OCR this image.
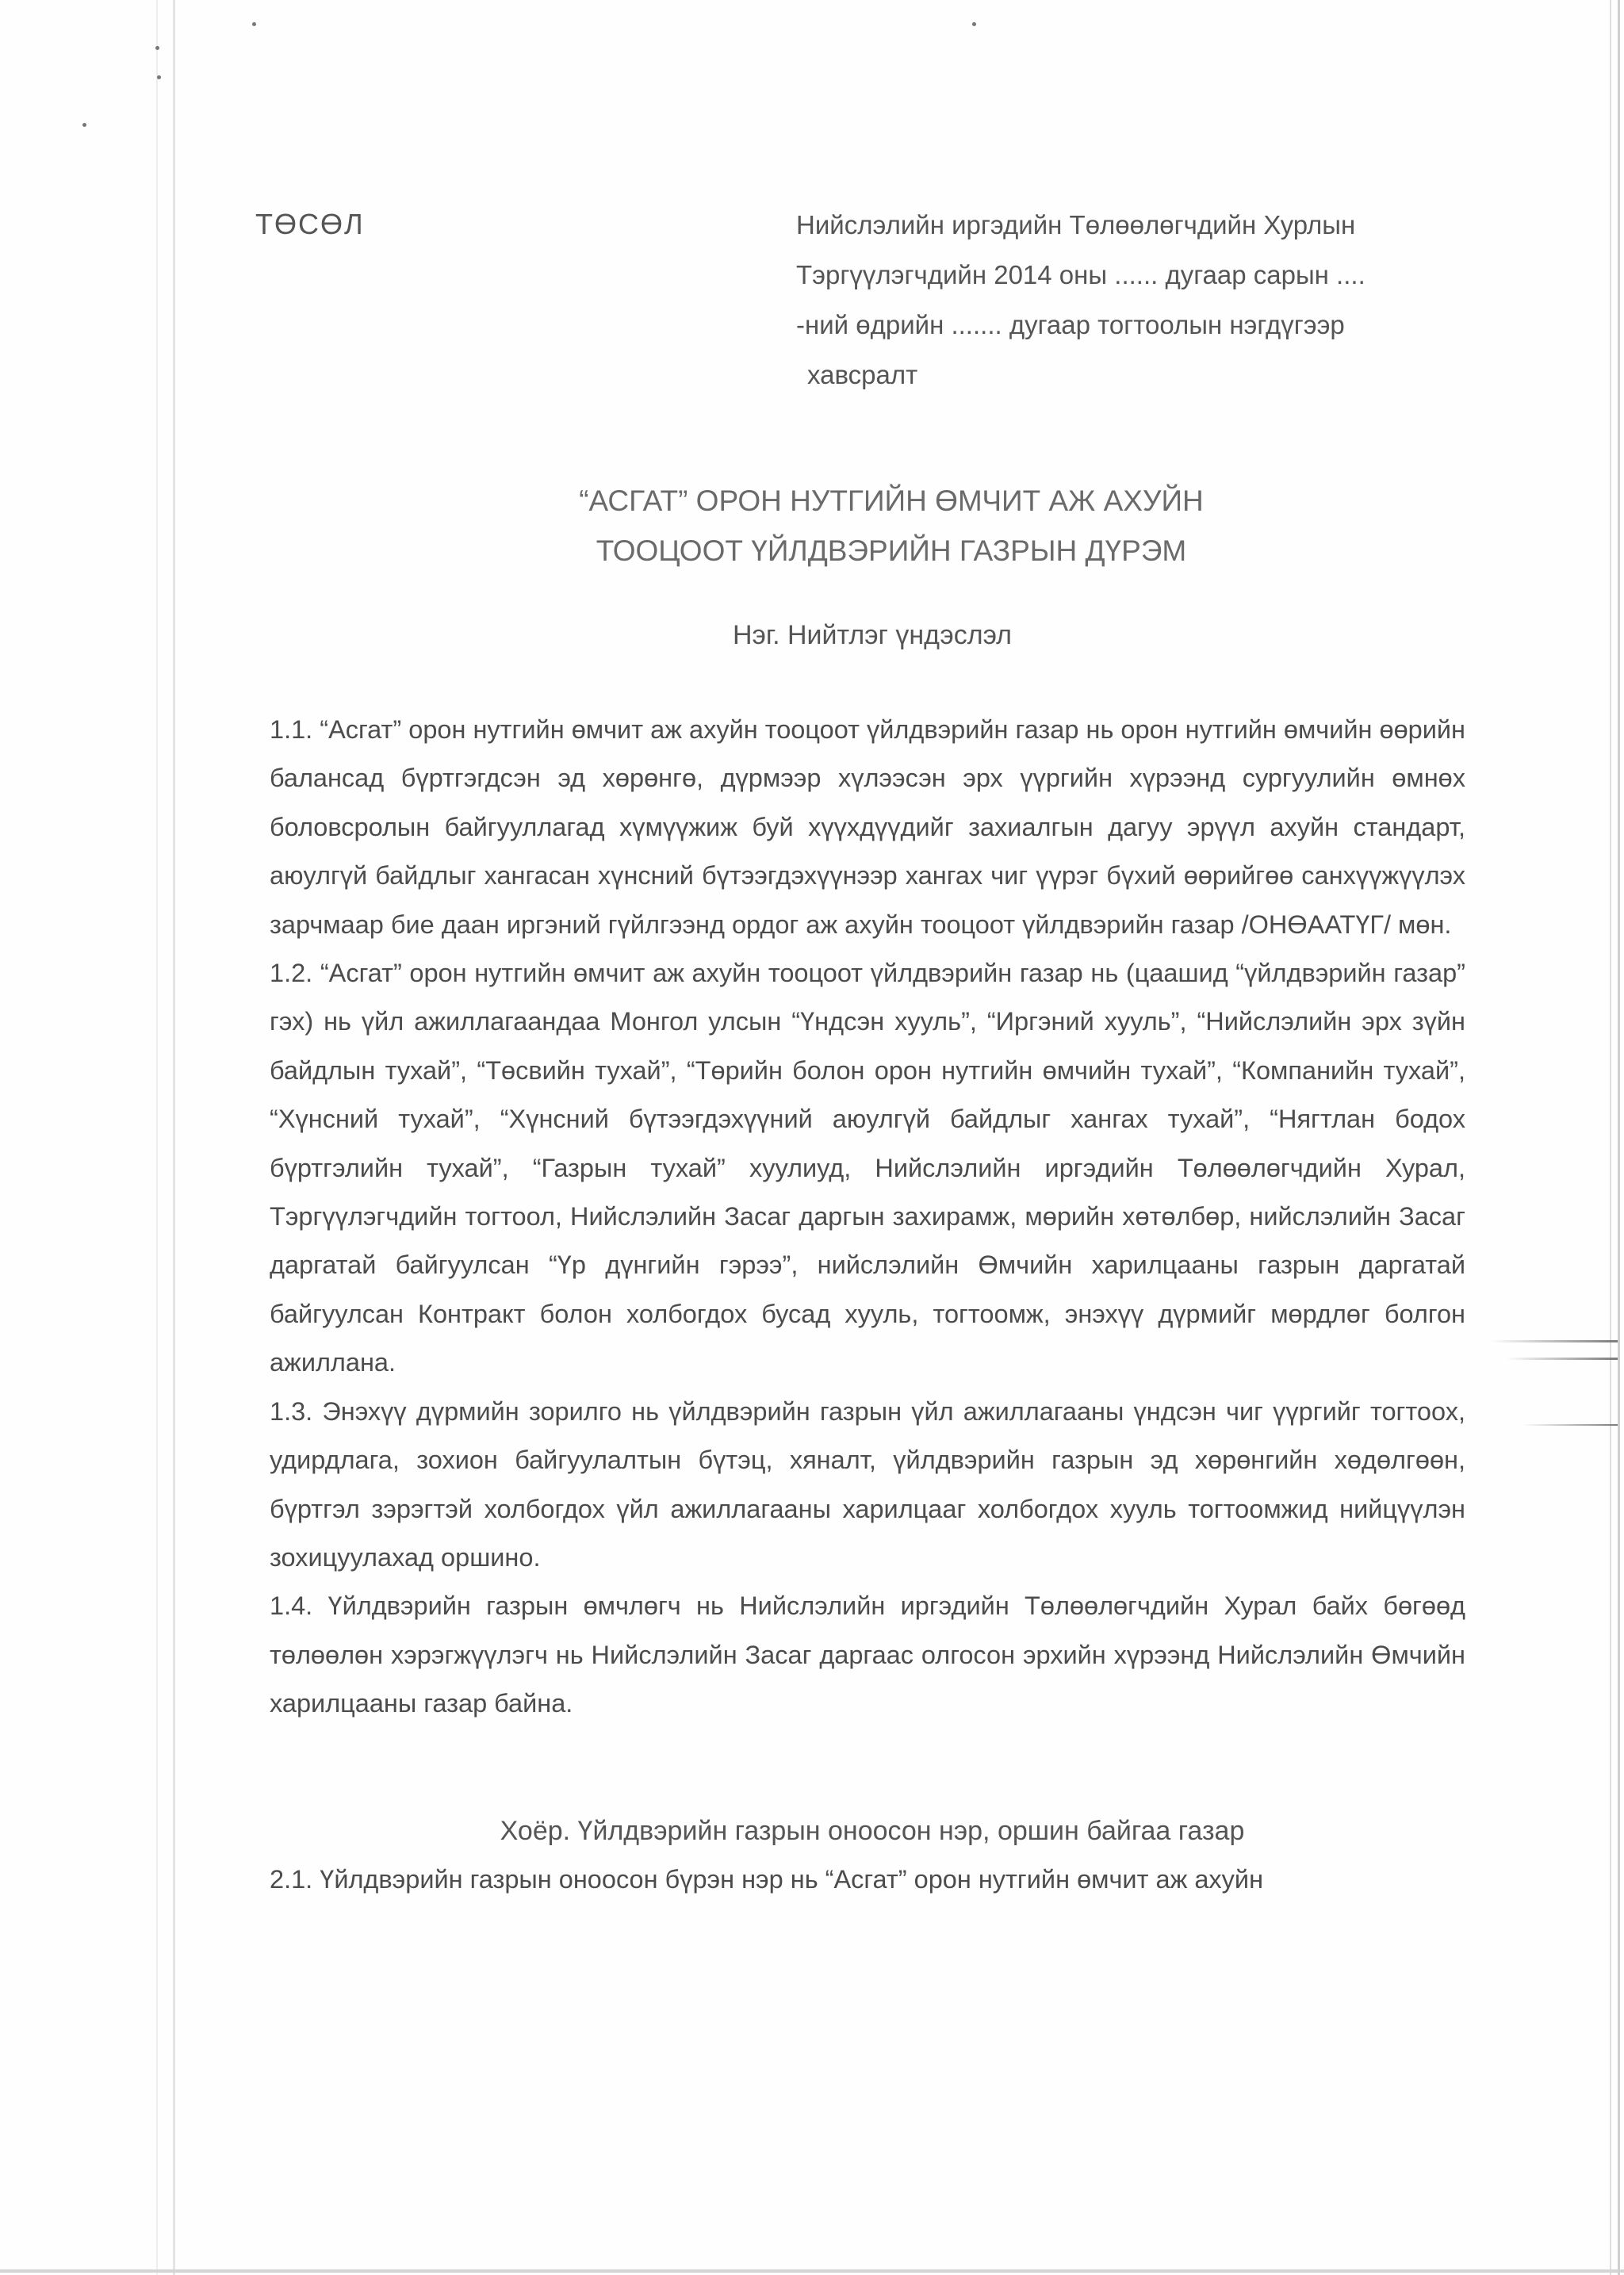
ТӨСӨЛ	Нийслэлийн иргэдийн Төлөөлөгчдийн Хурлын
Тэргүүлэгчдийн 2014 оны ...... дугаар сарын ....
-ний өдрийн ....... дугаар тогтоолын нэгдүгээр
хавсралт
“АСГАТ” ОРОН НУТГИЙН ӨМЧИТ АЖ АХУЙН
ТООЦООТ ҮЙЛДВЭРИЙН ГАЗРЫН ДҮРЭМ
Нэг. Нийтлэг үндэслэл

1.1. “Асгат” орон нутгийн өмчит аж ахуйн тооцоот үйлдвэрийн газар нь орон нутгийн өмчийн өөрийн балансад бүртгэгдсэн эд хөрөнгө, дүрмээр хүлээсэн эрх үүргийн хүрээнд сургуулийн өмнөх боловсролын байгууллагад хүмүүжиж буй хүүхдүүдийг захиалгын дагуу эрүүл ахуйн стандарт, аюулгүй байдлыг хангасан хүнсний бүтээгдэхүүнээр хангах чиг үүрэг бүхий өөрийгөө санхүүжүүлэх зарчмаар бие даан иргэний гүйлгээнд ордог аж ахуйн тооцоот үйлдвэрийн газар /ОНӨААТҮГ/ мөн.

1.2. “Асгат” орон нутгийн өмчит аж ахуйн тооцоот үйлдвэрийн газар нь (цаашид “үйлдвэрийн газар” гэх) нь үйл ажиллагаандаа Монгол улсын “Үндсэн хууль”, “Иргэний хууль”, “Нийслэлийн эрх зүйн байдлын тухай”, “Төсвийн тухай”, “Төрийн болон орон нутгийн өмчийн тухай”, “Компанийн тухай”, “Хүнсний тухай”, “Хүнсний бүтээгдэхүүний аюулгүй байдлыг хангах тухай”, “Нягтлан бодох бүртгэлийн тухай”, “Газрын тухай” хуулиуд, Нийслэлийн иргэдийн Төлөөлөгчдийн Хурал, Тэргүүлэгчдийн тогтоол, Нийслэлийн Засаг даргын захирамж, мөрийн хөтөлбөр, нийслэлийн Засаг даргатай байгуулсан “Үр дүнгийн гэрээ”, нийслэлийн Өмчийн харилцааны газрын даргатай байгуулсан Контракт болон холбогдох бусад хууль, тогтоомж, энэхүү дүрмийг мөрдлөг болгон ажиллана.

1.3. Энэхүү дүрмийн зорилго нь үйлдвэрийн газрын үйл ажиллагааны үндсэн чиг үүргийг тогтоох, удирдлага, зохион байгуулалтын бүтэц, хяналт, үйлдвэрийн газрын эд хөрөнгийн хөдөлгөөн, бүртгэл зэрэгтэй холбогдох үйл ажиллагааны харилцааг холбогдох хууль тогтоомжид нийцүүлэн зохицуулахад оршино.

1.4. Үйлдвэрийн газрын өмчлөгч нь Нийслэлийн иргэдийн Төлөөлөгчдийн Хурал байх бөгөөд төлөөлөн хэрэгжүүлэгч нь Нийслэлийн Засаг даргаас олгосон эрхийн хүрээнд Нийслэлийн Өмчийн харилцааны газар байна.

Хоёр. Үйлдвэрийн газрын оноосон нэр, оршин байгаа газар

2.1. Үйлдвэрийн газрын оноосон бүрэн нэр нь “Асгат” орон нутгийн өмчит аж ахуйн
